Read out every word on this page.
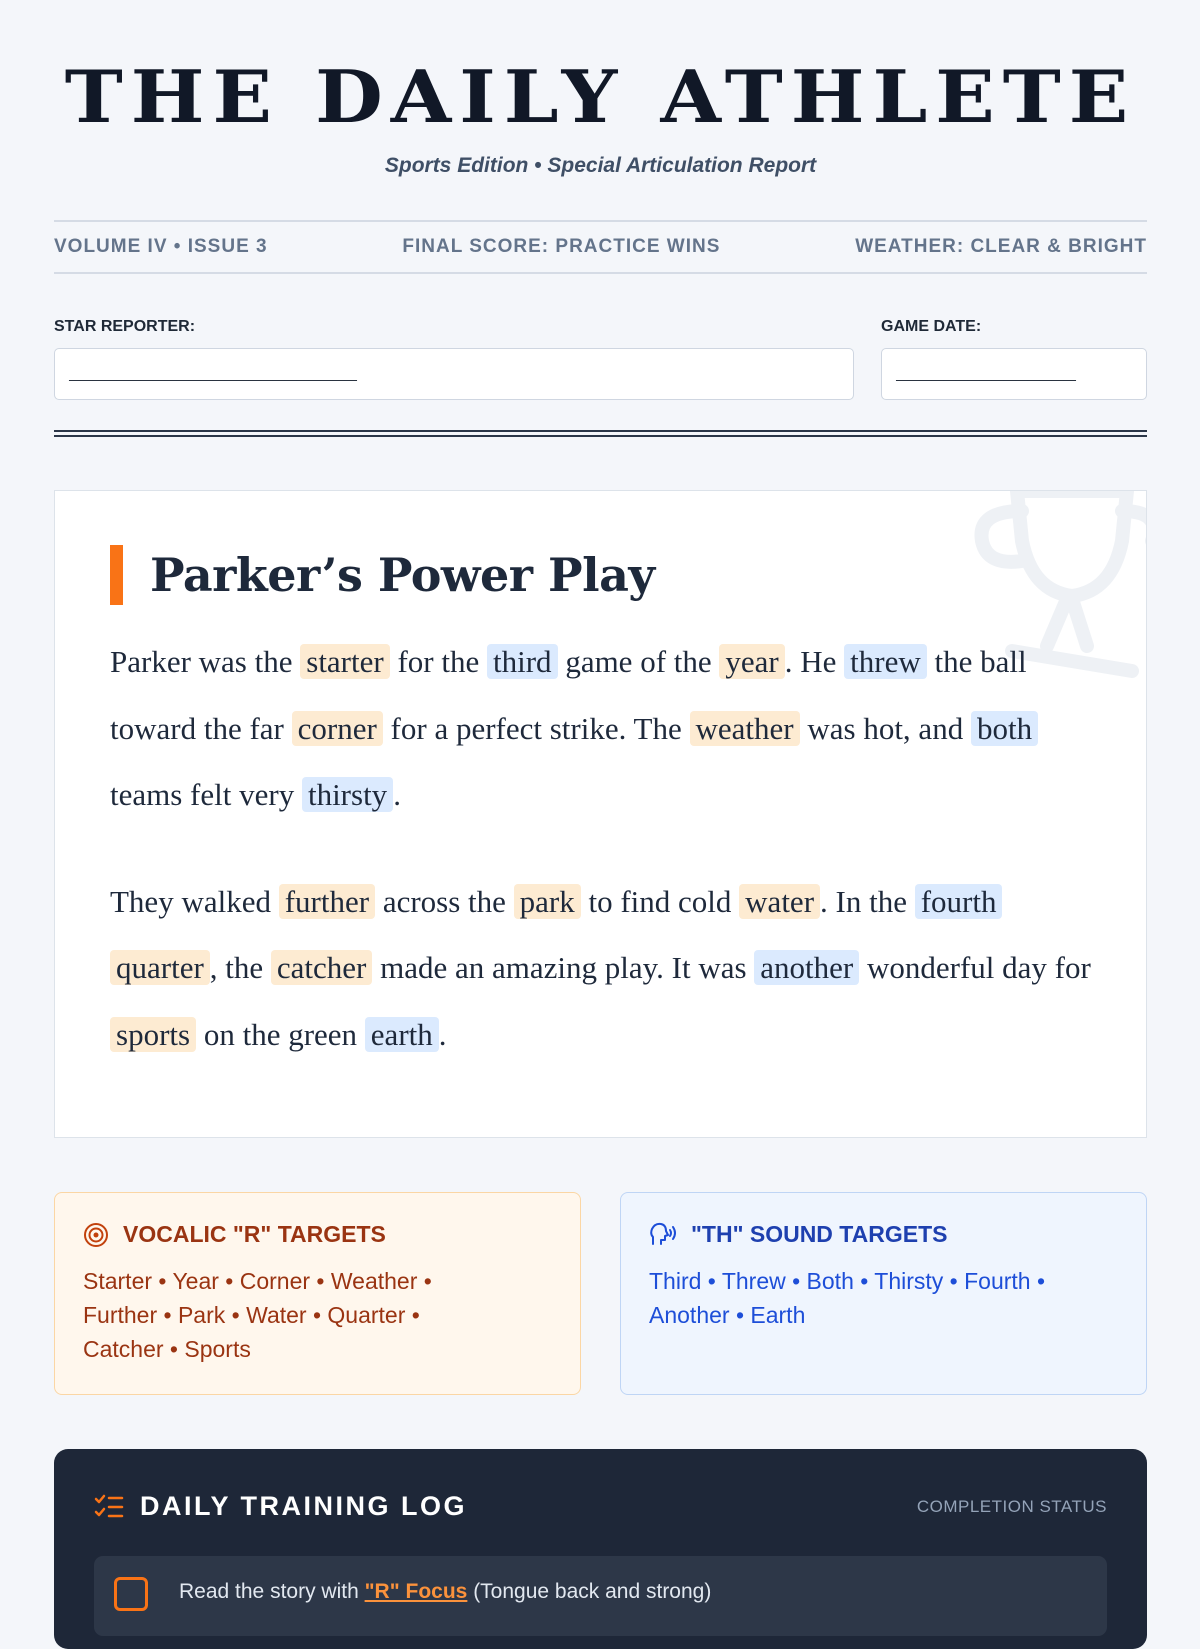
THE DAILY ATHLETE
Sports Edition • Special Articulation Report
VOLUME IV • ISSUE 3	FINAL SCORE: PRACTICE WINS	WEATHER: CLEAR & BRIGHT
STAR REPORTER:
________________________
GAME DATE:
_______________
Parker’s Power Play

Parker was the starter for the third game of the year . He threw the ball toward the far corner for a perfect strike. The weather was hot, and both teams felt very thirsty .

They walked further across the park to find cold water . In the fourth quarter , the catcher made an amazing play. It was another wonderful day for sports on the green earth .

VOCALIC "R" TARGETS
Starter • Year • Corner • Weather • Further • Park • Water • Quarter • Catcher • Sports
"TH" SOUND TARGETS
Third • Threw • Both • Thirsty • Fourth • Another • Earth
DAILY TRAINING LOG	COMPLETION STATUS
Read the story with "R" Focus (Tongue back and strong)
